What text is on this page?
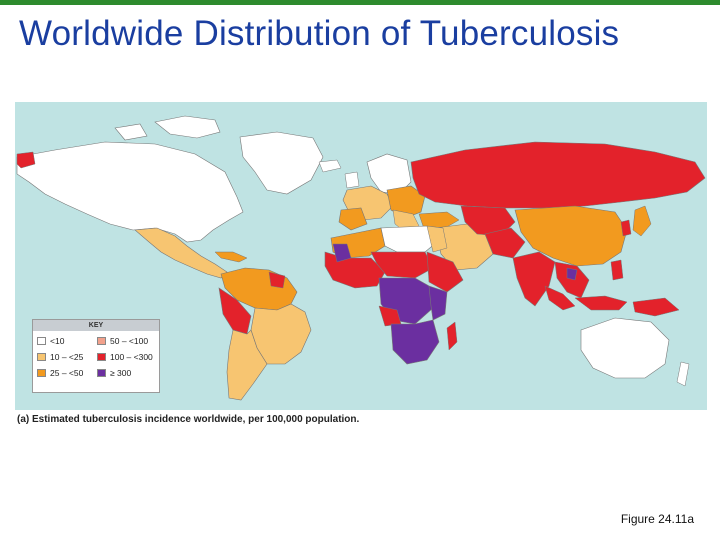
Worldwide Distribution of Tuberculosis
KEY
<10	50 – <100
10 – <25	100 – <300
25 – <50	≥ 300
(a) Estimated tuberculosis incidence worldwide, per 100,000 population.
Figure 24.11a
